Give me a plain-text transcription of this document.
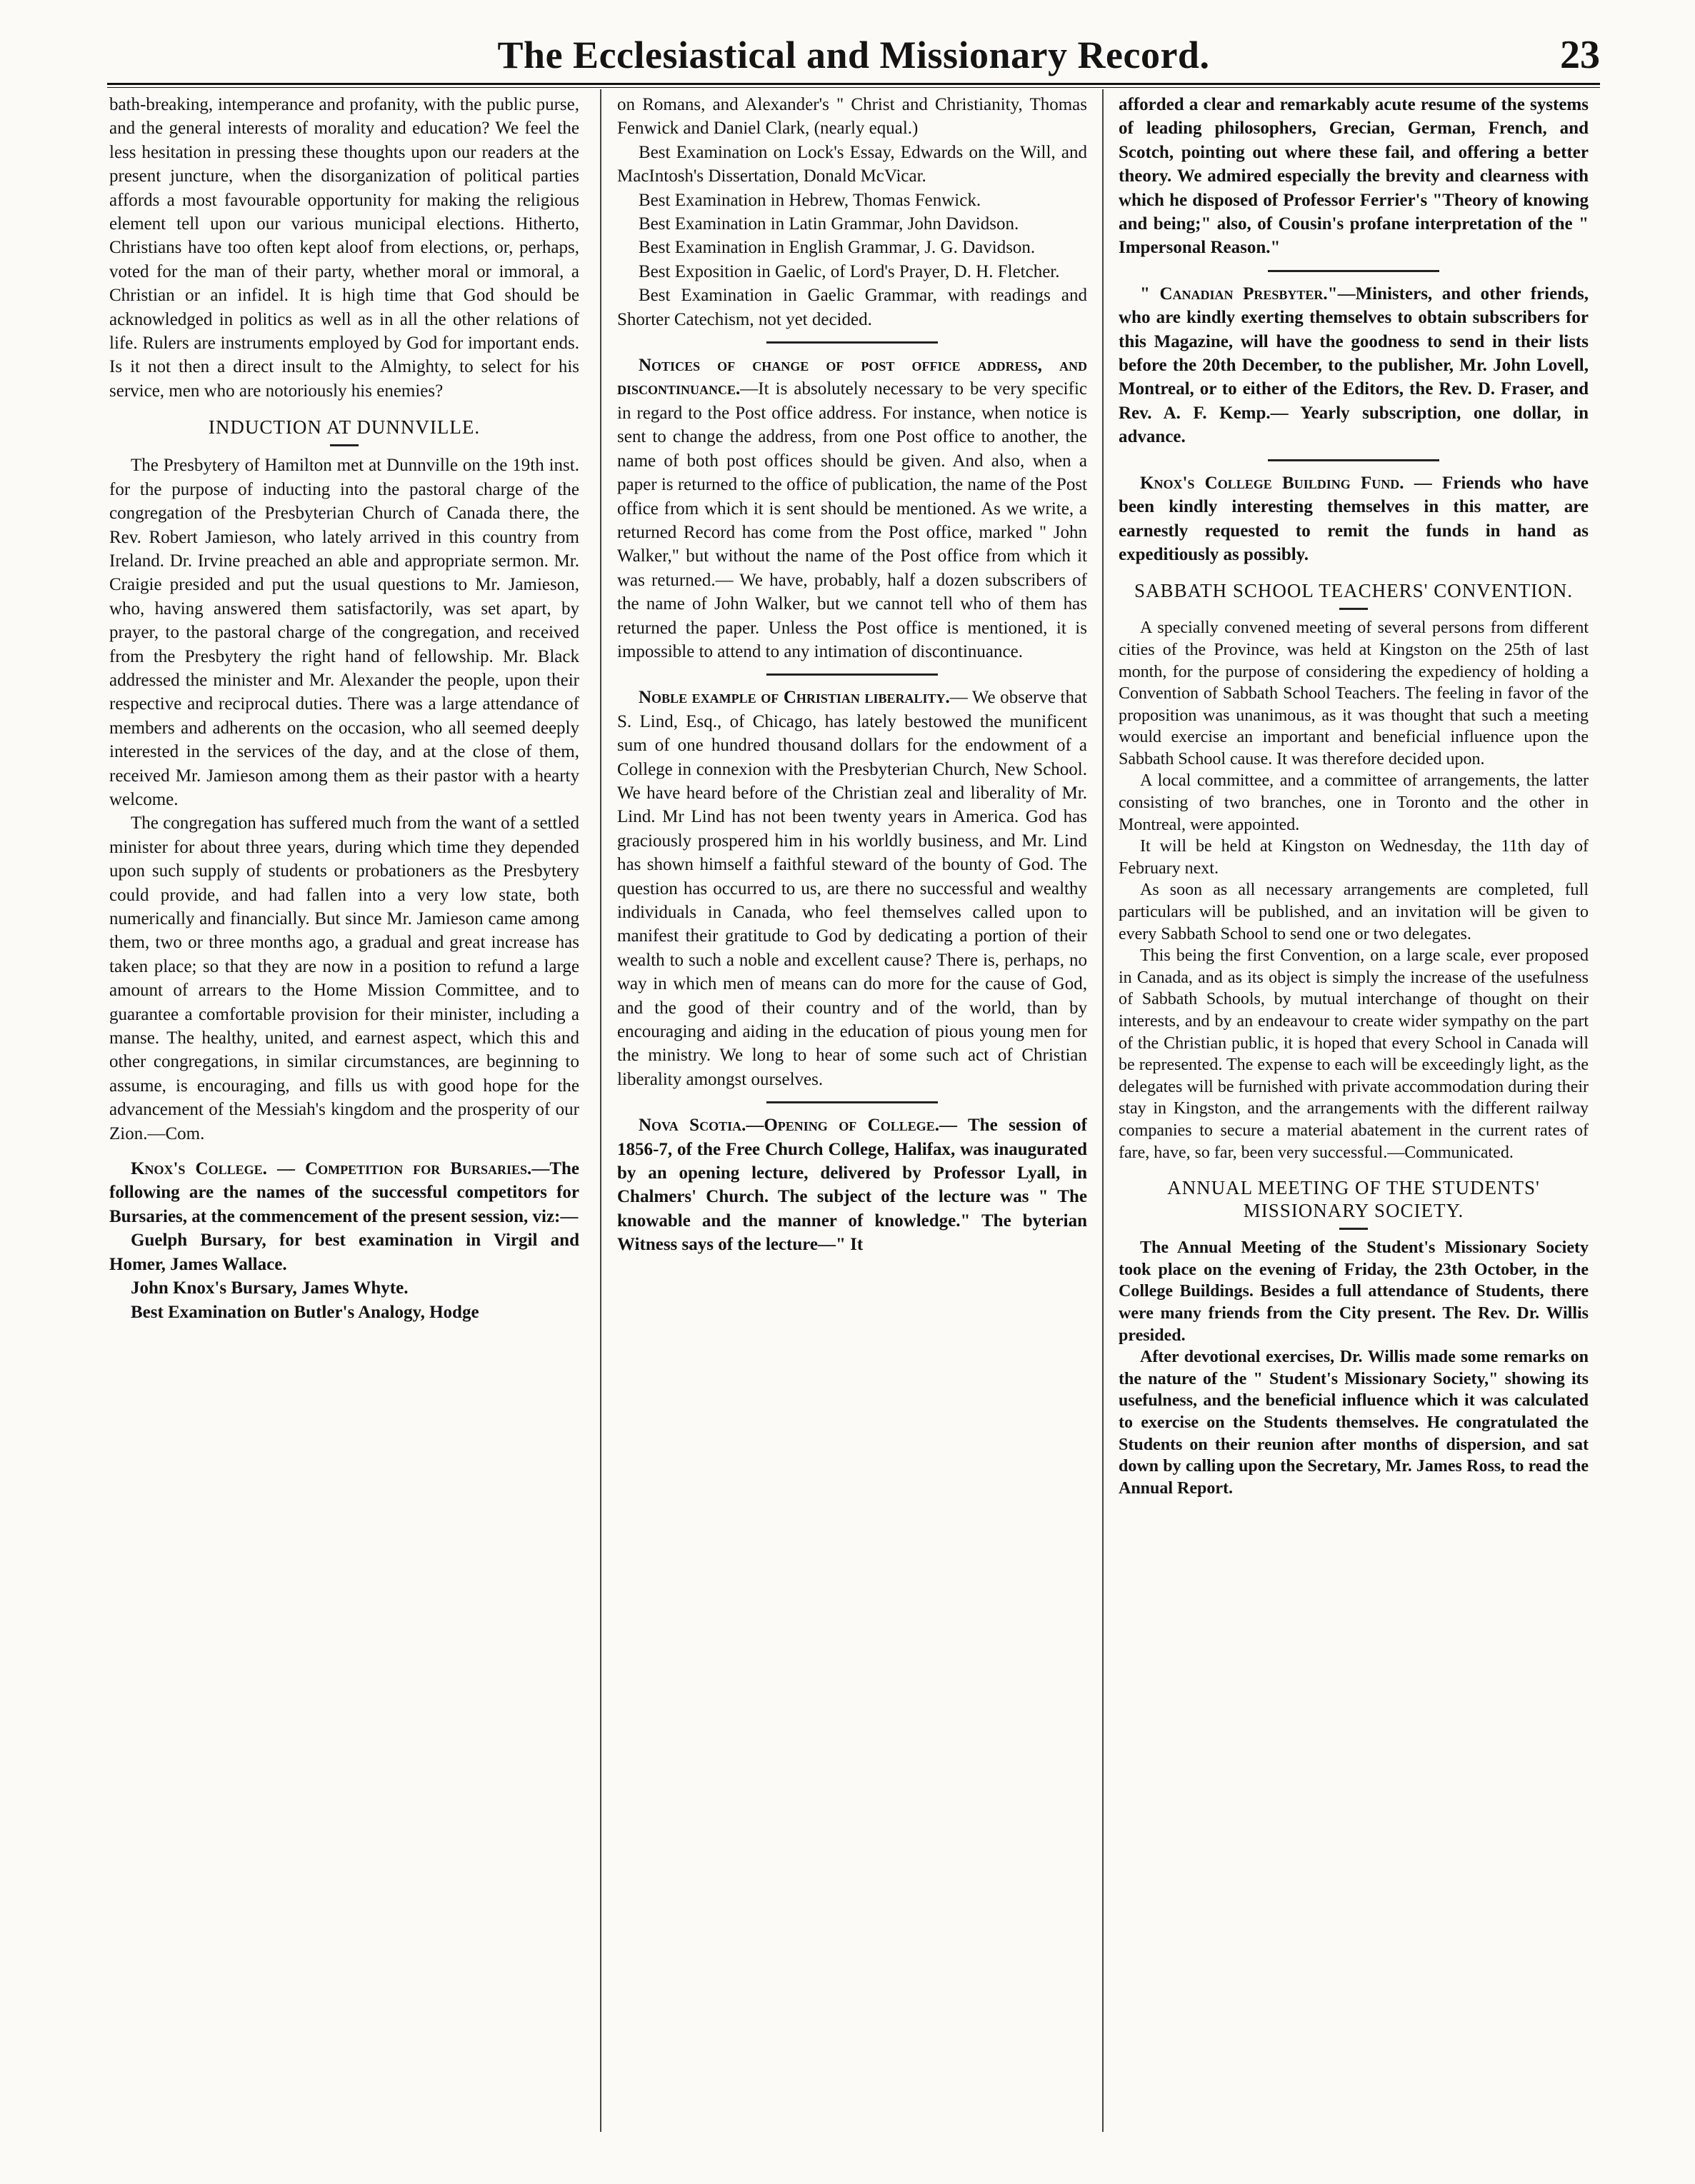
The Ecclesiastical and Missionary Record.	23

bath-breaking, intemperance and profanity, with the public purse, and the general interests of morality and education? We feel the less hesitation in pressing these thoughts upon our readers at the present juncture, when the disorganization of political parties affords a most favourable opportunity for making the religious element tell upon our various municipal elections. Hitherto, Christians have too often kept aloof from elections, or, perhaps, voted for the man of their party, whether moral or immoral, a Christian or an infidel. It is high time that God should be acknowledged in politics as well as in all the other relations of life. Rulers are instruments employed by God for important ends. Is it not then a direct insult to the Almighty, to select for his service, men who are notoriously his enemies?

INDUCTION AT DUNNVILLE.

The Presbytery of Hamilton met at Dunnville on the 19th inst. for the purpose of inducting into the pastoral charge of the congregation of the Presbyterian Church of Canada there, the Rev. Robert Jamieson, who lately arrived in this country from Ireland. Dr. Irvine preached an able and appropriate sermon. Mr. Craigie presided and put the usual questions to Mr. Jamieson, who, having answered them satisfactorily, was set apart, by prayer, to the pastoral charge of the congregation, and received from the Presbytery the right hand of fellowship. Mr. Black addressed the minister and Mr. Alexander the people, upon their respective and reciprocal duties. There was a large attendance of members and adherents on the occasion, who all seemed deeply interested in the services of the day, and at the close of them, received Mr. Jamieson among them as their pastor with a hearty welcome.

The congregation has suffered much from the want of a settled minister for about three years, during which time they depended upon such supply of students or probationers as the Presbytery could provide, and had fallen into a very low state, both numerically and financially. But since Mr. Jamieson came among them, two or three months ago, a gradual and great increase has taken place; so that they are now in a position to refund a large amount of arrears to the Home Mission Committee, and to guarantee a comfortable provision for their minister, including a manse. The healthy, united, and earnest aspect, which this and other congregations, in similar circumstances, are beginning to assume, is encouraging, and fills us with good hope for the advancement of the Messiah's kingdom and the prosperity of our Zion.—Com.

Knox's College. — Competition for Bursaries.—The following are the names of the successful competitors for Bursaries, at the commencement of the present session, viz:—

Guelph Bursary, for best examination in Virgil and Homer, James Wallace.

John Knox's Bursary, James Whyte.

Best Examination on Butler's Analogy, Hodge

on Romans, and Alexander's " Christ and Christianity, Thomas Fenwick and Daniel Clark, (nearly equal.)

Best Examination on Lock's Essay, Edwards on the Will, and MacIntosh's Dissertation, Donald McVicar.

Best Examination in Hebrew, Thomas Fenwick.

Best Examination in Latin Grammar, John Davidson.

Best Examination in English Grammar, J. G. Davidson.

Best Exposition in Gaelic, of Lord's Prayer, D. H. Fletcher.

Best Examination in Gaelic Grammar, with readings and Shorter Catechism, not yet decided.

Notices of change of post office address, and discontinuance.—It is absolutely necessary to be very specific in regard to the Post office address. For instance, when notice is sent to change the address, from one Post office to another, the name of both post offices should be given. And also, when a paper is returned to the office of publication, the name of the Post office from which it is sent should be mentioned. As we write, a returned Record has come from the Post office, marked " John Walker," but without the name of the Post office from which it was returned.— We have, probably, half a dozen subscribers of the name of John Walker, but we cannot tell who of them has returned the paper. Unless the Post office is mentioned, it is impossible to attend to any intimation of discontinuance.

Noble example of Christian liberality.— We observe that S. Lind, Esq., of Chicago, has lately bestowed the munificent sum of one hundred thousand dollars for the endowment of a College in connexion with the Presbyterian Church, New School. We have heard before of the Christian zeal and liberality of Mr. Lind. Mr Lind has not been twenty years in America. God has graciously prospered him in his worldly business, and Mr. Lind has shown himself a faithful steward of the bounty of God. The question has occurred to us, are there no successful and wealthy individuals in Canada, who feel themselves called upon to manifest their gratitude to God by dedicating a portion of their wealth to such a noble and excellent cause? There is, perhaps, no way in which men of means can do more for the cause of God, and the good of their country and of the world, than by encouraging and aiding in the education of pious young men for the ministry. We long to hear of some such act of Christian liberality amongst ourselves.

Nova Scotia.—Opening of College.— The session of 1856-7, of the Free Church College, Halifax, was inaugurated by an opening lecture, delivered by Professor Lyall, in Chalmers' Church. The subject of the lecture was " The knowable and the manner of knowledge." The byterian Witness says of the lecture—" It

afforded a clear and remarkably acute resume of the systems of leading philosophers, Grecian, German, French, and Scotch, pointing out where these fail, and offering a better theory. We admired especially the brevity and clearness with which he disposed of Professor Ferrier's "Theory of knowing and being;" also, of Cousin's profane interpretation of the " Impersonal Reason."

" Canadian Presbyter."—Ministers, and other friends, who are kindly exerting themselves to obtain subscribers for this Magazine, will have the goodness to send in their lists before the 20th December, to the publisher, Mr. John Lovell, Montreal, or to either of the Editors, the Rev. D. Fraser, and Rev. A. F. Kemp.— Yearly subscription, one dollar, in advance.

Knox's College Building Fund. — Friends who have been kindly interesting themselves in this matter, are earnestly requested to remit the funds in hand as expeditiously as possibly.

SABBATH SCHOOL TEACHERS' CONVENTION.

A specially convened meeting of several persons from different cities of the Province, was held at Kingston on the 25th of last month, for the purpose of considering the expediency of holding a Convention of Sabbath School Teachers. The feeling in favor of the proposition was unanimous, as it was thought that such a meeting would exercise an important and beneficial influence upon the Sabbath School cause. It was therefore decided upon.

A local committee, and a committee of arrangements, the latter consisting of two branches, one in Toronto and the other in Montreal, were appointed.

It will be held at Kingston on Wednesday, the 11th day of February next.

As soon as all necessary arrangements are completed, full particulars will be published, and an invitation will be given to every Sabbath School to send one or two delegates.

This being the first Convention, on a large scale, ever proposed in Canada, and as its object is simply the increase of the usefulness of Sabbath Schools, by mutual interchange of thought on their interests, and by an endeavour to create wider sympathy on the part of the Christian public, it is hoped that every School in Canada will be represented. The expense to each will be exceedingly light, as the delegates will be furnished with private accommodation during their stay in Kingston, and the arrangements with the different railway companies to secure a material abatement in the current rates of fare, have, so far, been very successful.—Communicated.

ANNUAL MEETING OF THE STUDENTS' MISSIONARY SOCIETY.

The Annual Meeting of the Student's Missionary Society took place on the evening of Friday, the 23th October, in the College Buildings. Besides a full attendance of Students, there were many friends from the City present. The Rev. Dr. Willis presided.

After devotional exercises, Dr. Willis made some remarks on the nature of the " Student's Missionary Society," showing its usefulness, and the beneficial influence which it was calculated to exercise on the Students themselves. He congratulated the Students on their reunion after months of dispersion, and sat down by calling upon the Secretary, Mr. James Ross, to read the Annual Report.
